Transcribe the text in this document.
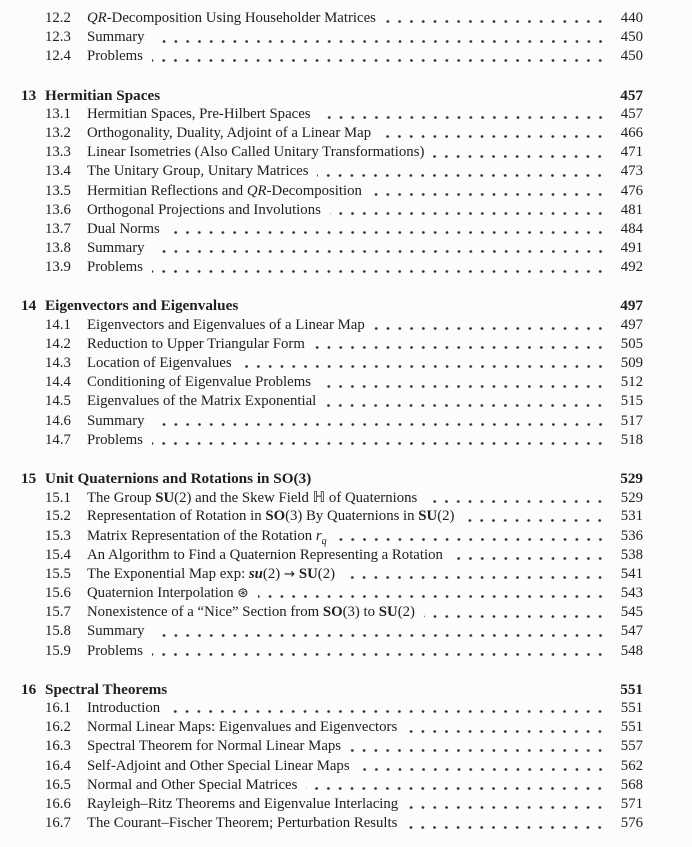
12.2	QR-Decomposition Using Householder Matrices	440
12.3	Summary	450
12.4	Problems	450
13 Hermitian Spaces	457
13.1	Hermitian Spaces, Pre-Hilbert Spaces	457
13.2	Orthogonality, Duality, Adjoint of a Linear Map	466
13.3	Linear Isometries (Also Called Unitary Transformations)	471
13.4	The Unitary Group, Unitary Matrices	473
13.5	Hermitian Reflections and QR-Decomposition	476
13.6	Orthogonal Projections and Involutions	481
13.7	Dual Norms	484
13.8	Summary	491
13.9	Problems	492
14 Eigenvectors and Eigenvalues	497
14.1	Eigenvectors and Eigenvalues of a Linear Map	497
14.2	Reduction to Upper Triangular Form	505
14.3	Location of Eigenvalues	509
14.4	Conditioning of Eigenvalue Problems	512
14.5	Eigenvalues of the Matrix Exponential	515
14.6	Summary	517
14.7	Problems	518
15 Unit Quaternions and Rotations in SO(3)	529
15.1	The Group SU(2) and the Skew Field ℍ of Quaternions	529
15.2	Representation of Rotation in SO(3) By Quaternions in SU(2)	531
15.3	Matrix Representation of the Rotation $r_q$	536
15.4	An Algorithm to Find a Quaternion Representing a Rotation	538
15.5	The Exponential Map exp: su(2) → SU(2)	541
15.6	Quaternion Interpolation ⊛	543
15.7	Nonexistence of a “Nice” Section from SO(3) to SU(2)	545
15.8	Summary	547
15.9	Problems	548
16 Spectral Theorems	551
16.1	Introduction	551
16.2	Normal Linear Maps: Eigenvalues and Eigenvectors	551
16.3	Spectral Theorem for Normal Linear Maps	557
16.4	Self-Adjoint and Other Special Linear Maps	562
16.5	Normal and Other Special Matrices	568
16.6	Rayleigh–Ritz Theorems and Eigenvalue Interlacing	571
16.7	The Courant–Fischer Theorem; Perturbation Results	576
